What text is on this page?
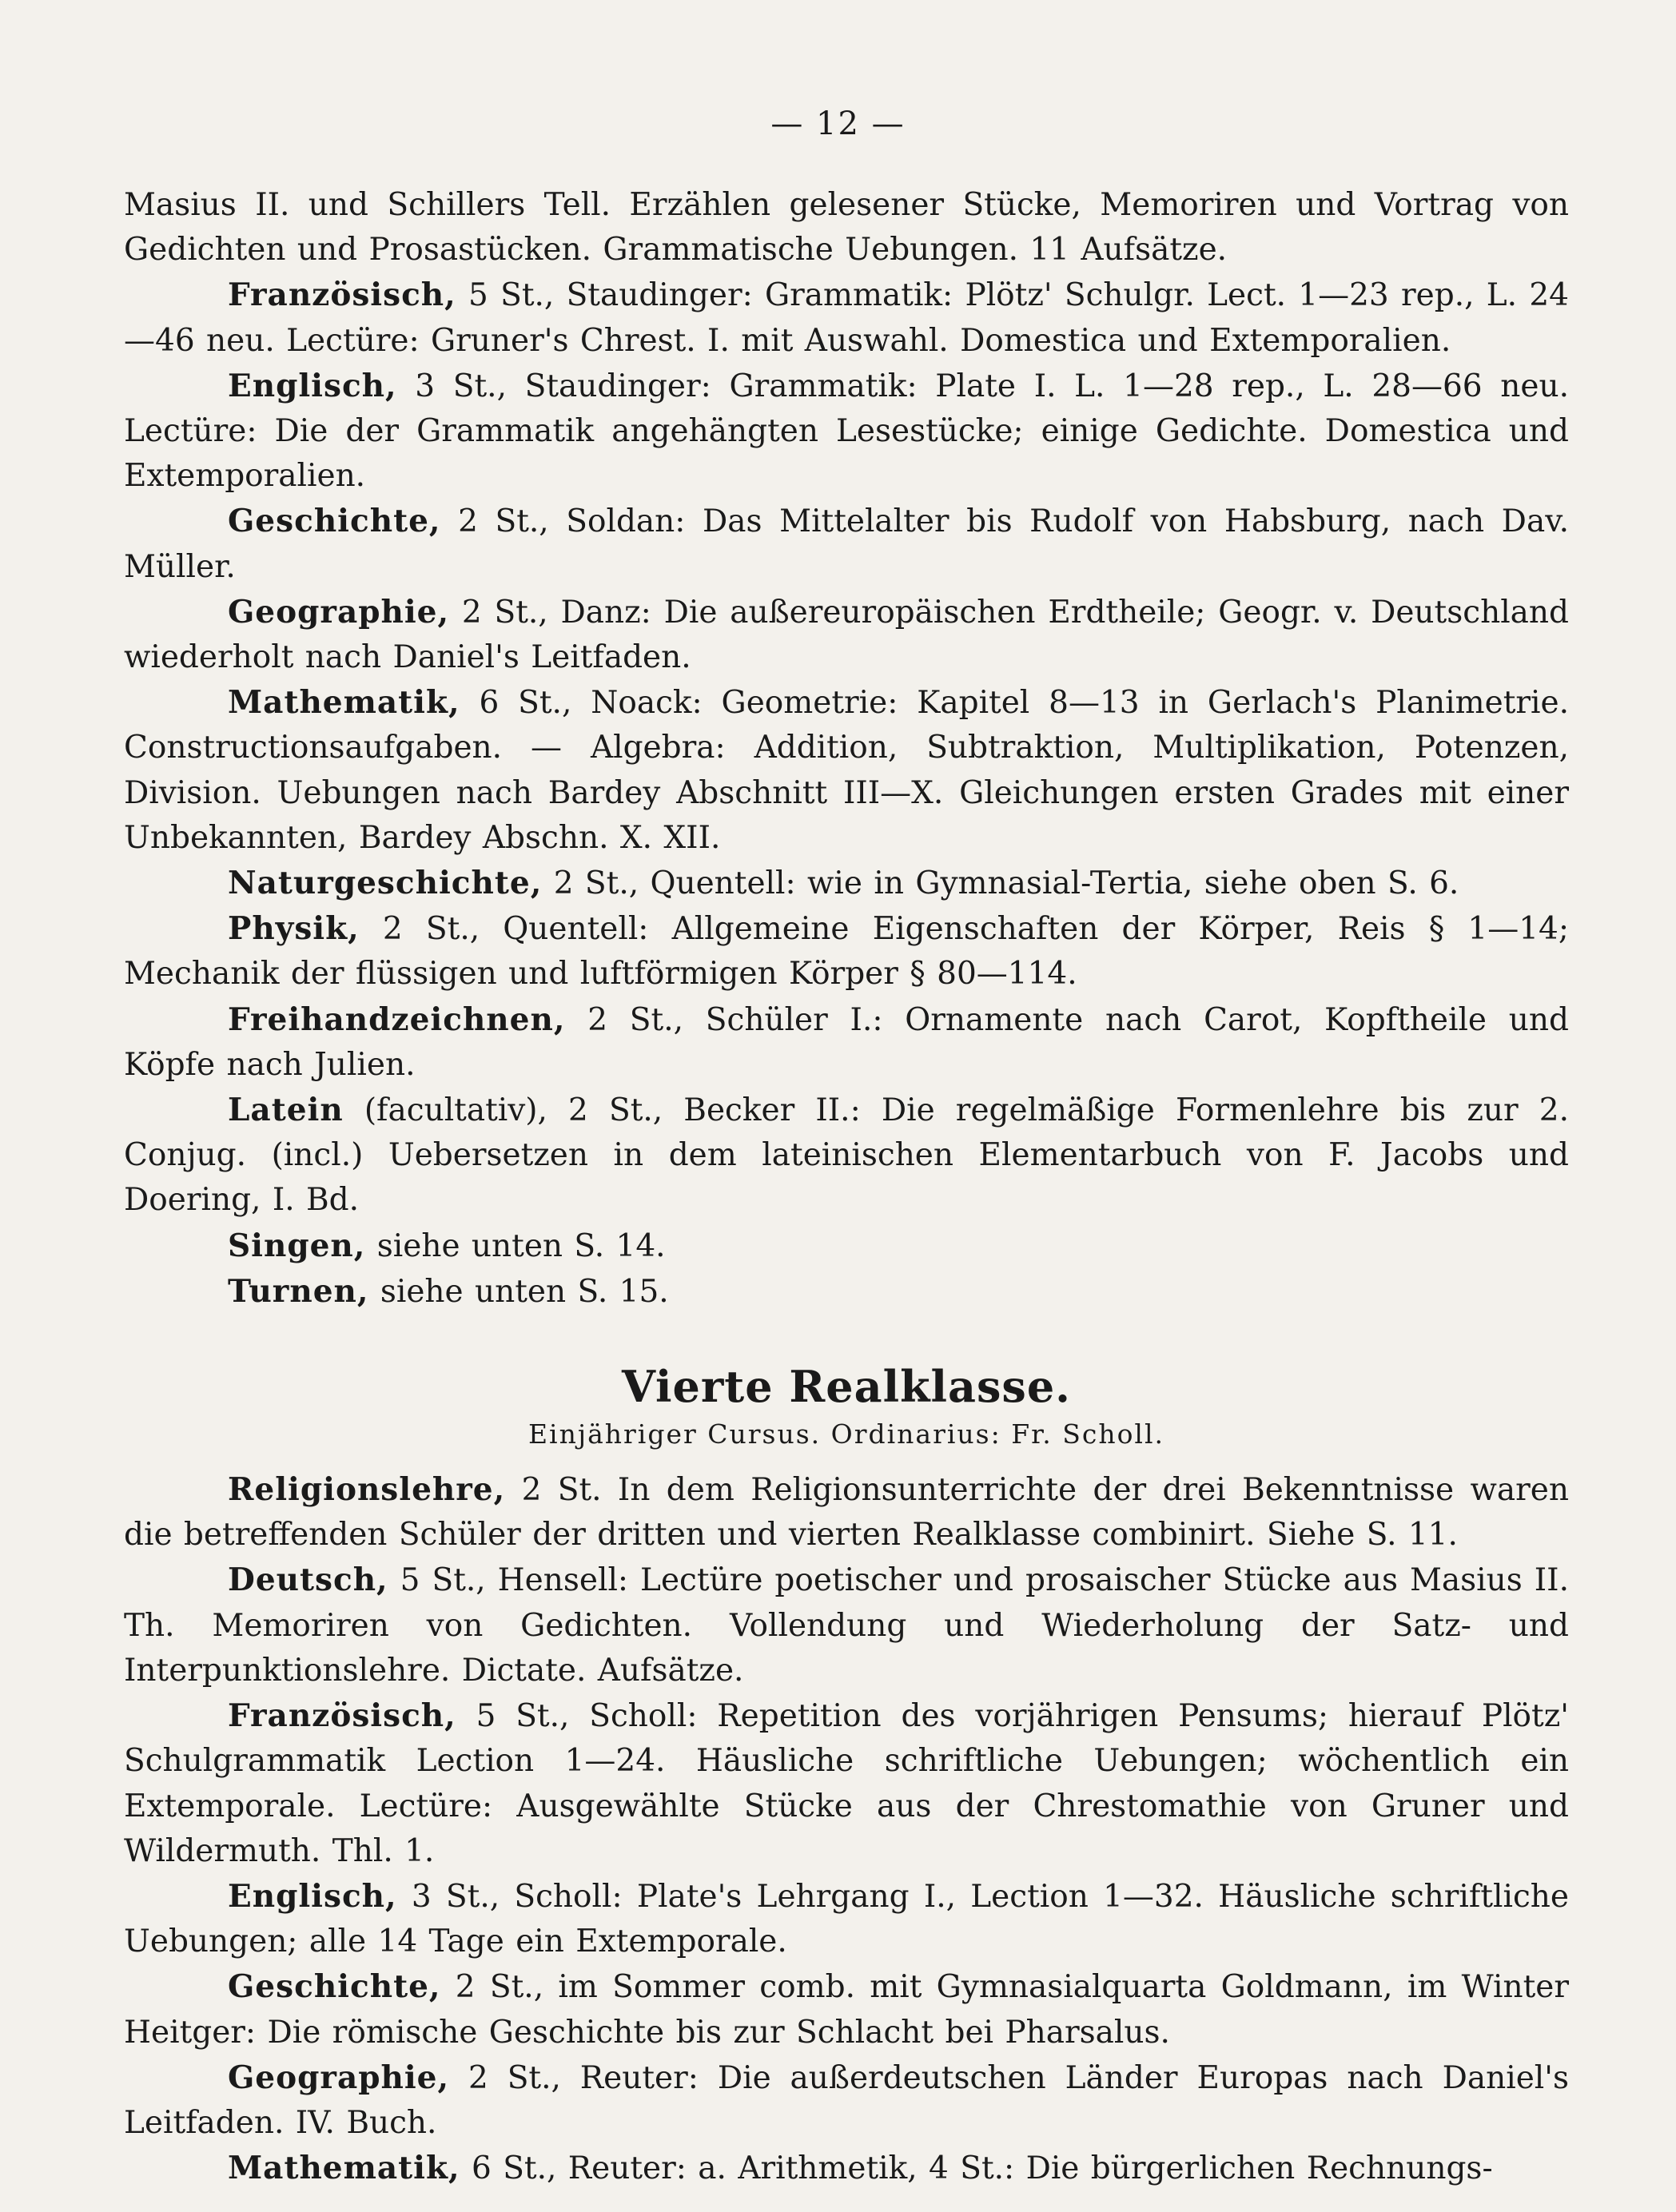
— 12 —

Masius II. und Schillers Tell. Erzählen gelesener Stücke, Memoriren und Vortrag von Gedichten und Prosastücken. Grammatische Uebungen. 11 Aufsätze.

Französisch, 5 St., Staudinger: Grammatik: Plötz' Schulgr. Lect. 1—23 rep., L. 24—46 neu. Lectüre: Gruner's Chrest. I. mit Auswahl. Domestica und Extemporalien.

Englisch, 3 St., Staudinger: Grammatik: Plate I. L. 1—28 rep., L. 28—66 neu. Lectüre: Die der Grammatik angehängten Lesestücke; einige Gedichte. Domestica und Extemporalien.

Geschichte, 2 St., Soldan: Das Mittelalter bis Rudolf von Habsburg, nach Dav. Müller.

Geographie, 2 St., Danz: Die außereuropäischen Erdtheile; Geogr. v. Deutschland wiederholt nach Daniel's Leitfaden.

Mathematik, 6 St., Noack: Geometrie: Kapitel 8—13 in Gerlach's Planimetrie. Constructionsaufgaben. — Algebra: Addition, Subtraktion, Multiplikation, Potenzen, Division. Uebungen nach Bardey Abschnitt III—X. Gleichungen ersten Grades mit einer Unbekannten, Bardey Abschn. X. XII.

Naturgeschichte, 2 St., Quentell: wie in Gymnasial-Tertia, siehe oben S. 6.

Physik, 2 St., Quentell: Allgemeine Eigenschaften der Körper, Reis § 1—14; Mechanik der flüssigen und luftförmigen Körper § 80—114.

Freihandzeichnen, 2 St., Schüler I.: Ornamente nach Carot, Kopftheile und Köpfe nach Julien.

Latein (facultativ), 2 St., Becker II.: Die regelmäßige Formenlehre bis zur 2. Conjug. (incl.) Uebersetzen in dem lateinischen Elementarbuch von F. Jacobs und Doering, I. Bd.

Singen, siehe unten S. 14.

Turnen, siehe unten S. 15.

Vierte Realklasse.
Einjähriger Cursus. Ordinarius: Fr. Scholl.

Religionslehre, 2 St. In dem Religionsunterrichte der drei Bekenntnisse waren die betreffenden Schüler der dritten und vierten Realklasse combinirt. Siehe S. 11.

Deutsch, 5 St., Hensell: Lectüre poetischer und prosaischer Stücke aus Masius II. Th. Memoriren von Gedichten. Vollendung und Wiederholung der Satz- und Interpunktionslehre. Dictate. Aufsätze.

Französisch, 5 St., Scholl: Repetition des vorjährigen Pensums; hierauf Plötz' Schulgrammatik Lection 1—24. Häusliche schriftliche Uebungen; wöchentlich ein Extemporale. Lectüre: Ausgewählte Stücke aus der Chrestomathie von Gruner und Wildermuth. Thl. 1.

Englisch, 3 St., Scholl: Plate's Lehrgang I., Lection 1—32. Häusliche schriftliche Uebungen; alle 14 Tage ein Extemporale.

Geschichte, 2 St., im Sommer comb. mit Gymnasialquarta Goldmann, im Winter Heitger: Die römische Geschichte bis zur Schlacht bei Pharsalus.

Geographie, 2 St., Reuter: Die außerdeutschen Länder Europas nach Daniel's Leitfaden. IV. Buch.

Mathematik, 6 St., Reuter: a. Arithmetik, 4 St.: Die bürgerlichen Rechnungs-
